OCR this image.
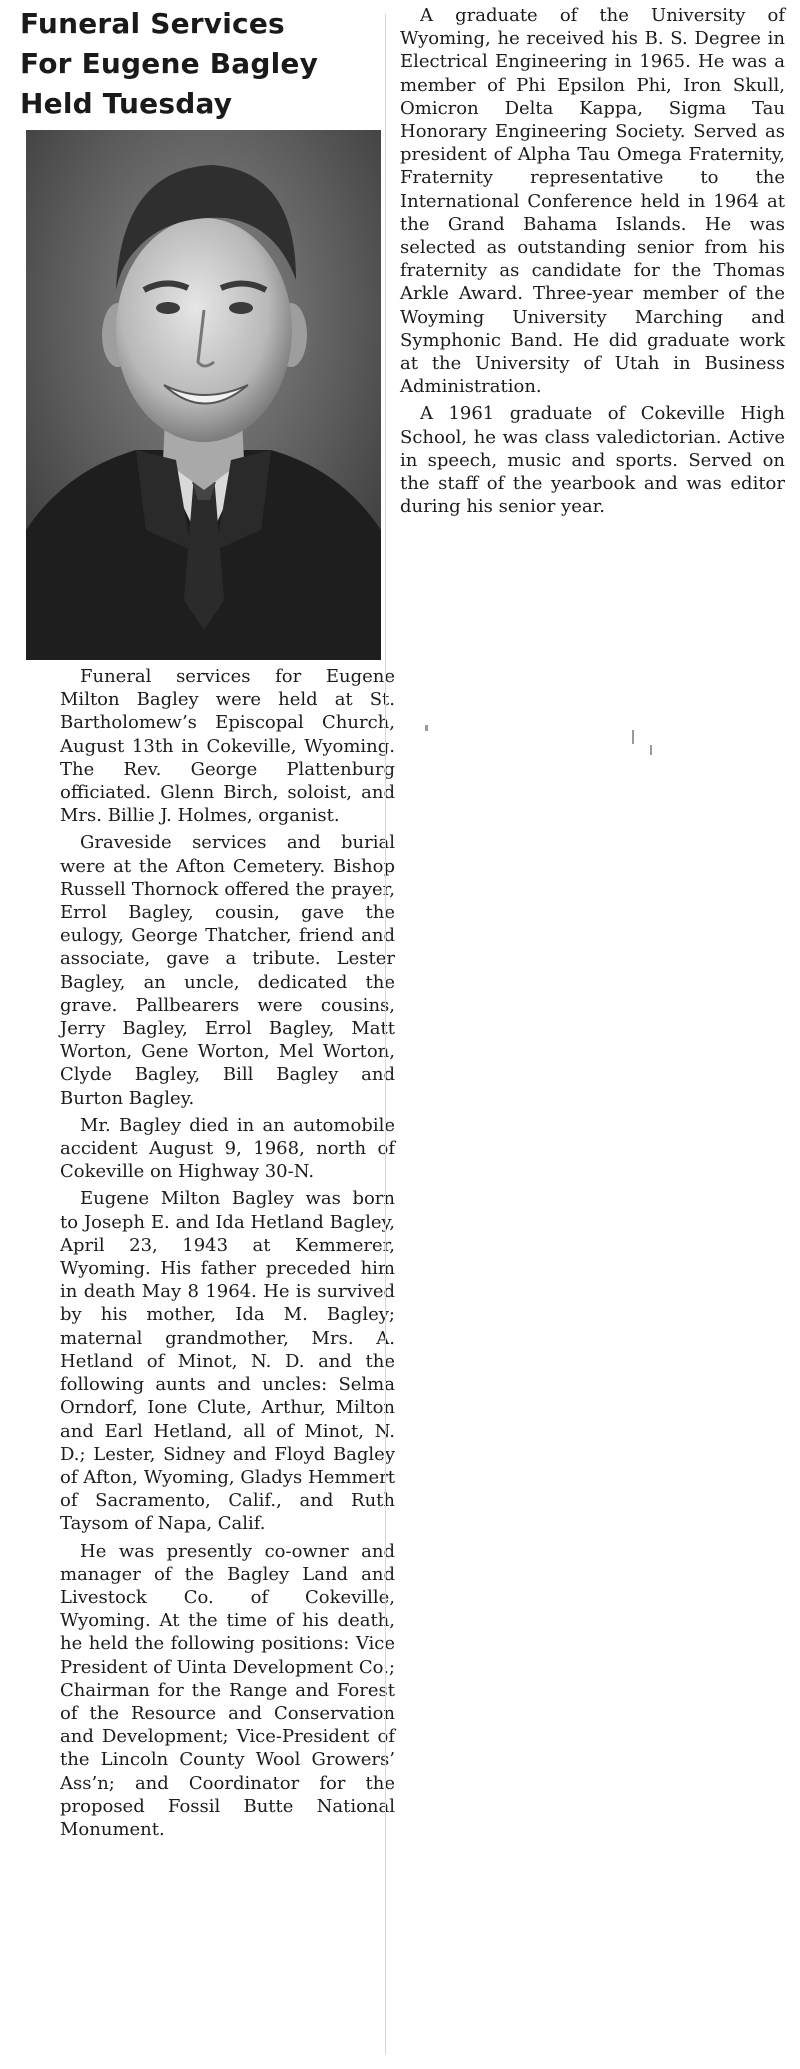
Funeral Services
For Eugene Bagley
Held Tuesday

Funeral services for Eugene Milton Bagley were held at St. Bartholomew’s Episcopal Church, August 13th in Cokeville, Wyoming. The Rev. George Plattenburg officiated. Glenn Birch, soloist, and Mrs. Billie J. Holmes, organist.

Graveside services and burial were at the Afton Cemetery. Bishop Russell Thornock offered the prayer, Errol Bagley, cousin, gave the eulogy, George Thatcher, friend and associate, gave a tribute. Lester Bagley, an uncle, dedicated the grave. Pallbearers were cousins, Jerry Bagley, Errol Bagley, Matt Worton, Gene Worton, Mel Worton, Clyde Bagley, Bill Bagley and Burton Bagley.

Mr. Bagley died in an automobile accident August 9, 1968, north of Cokeville on Highway 30-N.

Eugene Milton Bagley was born to Joseph E. and Ida Hetland Bagley, April 23, 1943 at Kemmerer, Wyoming. His father preceded him in death May 8 1964. He is survived by his mother, Ida M. Bagley; maternal grandmother, Mrs. A. Hetland of Minot, N. D. and the following aunts and uncles: Selma Orndorf, Ione Clute, Arthur, Milton and Earl Hetland, all of Minot, N. D.; Lester, Sidney and Floyd Bagley of Afton, Wyoming, Gladys Hemmert of Sacramento, Calif., and Ruth Taysom of Napa, Calif.

He was presently co-owner and manager of the Bagley Land and Livestock Co. of Cokeville, Wyoming. At the time of his death, he held the following positions: Vice President of Uinta Development Co.; Chairman for the Range and Forest of the Resource and Conservation and Development; Vice-President of the Lincoln County Wool Growers’ Ass’n; and Coordinator for the proposed Fossil Butte National Monument.

A graduate of the University of Wyoming, he received his B. S. Degree in Electrical Engineering in 1965. He was a member of Phi Epsilon Phi, Iron Skull, Omicron Delta Kappa, Sigma Tau Honorary Engineering Society. Served as president of Alpha Tau Omega Fraternity, Fraternity representative to the International Conference held in 1964 at the Grand Bahama Islands. He was selected as outstanding senior from his fraternity as candidate for the Thomas Arkle Award. Three-year member of the Woyming University Marching and Symphonic Band. He did graduate work at the University of Utah in Business Administration.

A 1961 graduate of Cokeville High School, he was class valedictorian. Active in speech, music and sports. Served on the staff of the yearbook and was editor during his senior year.
